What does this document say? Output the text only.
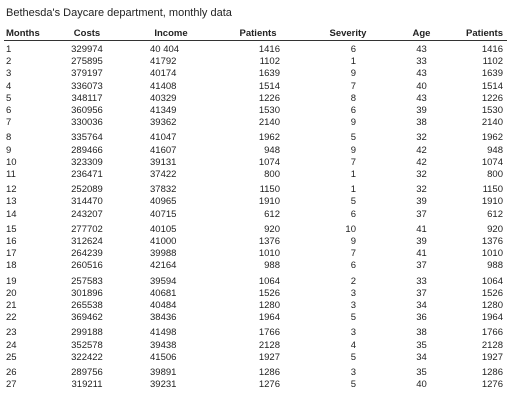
Bethesda's Daycare department, monthly data
Months	Costs	Income	Patients	Severity	Age	Patients
1	329974	40 404	1416	6	43	1416
2	275895	41792	1102	1	33	1102
3	379197	40174	1639	9	43	1639
4	336073	41408	1514	7	40	1514
5	348117	40329	1226	8	43	1226
6	360956	41349	1530	6	39	1530
7	330036	39362	2140	9	38	2140
8	335764	41047	1962	5	32	1962
9	289466	41607	948	9	42	948
10	323309	39131	1074	7	42	1074
11	236471	37422	800	1	32	800
12	252089	37832	1150	1	32	1150
13	314470	40965	1910	5	39	1910
14	243207	40715	612	6	37	612
15	277702	40105	920	10	41	920
16	312624	41000	1376	9	39	1376
17	264239	39988	1010	7	41	1010
18	260516	42164	988	6	37	988
19	257583	39594	1064	2	33	1064
20	301896	40681	1526	3	37	1526
21	265538	40484	1280	3	34	1280
22	369462	38436	1964	5	36	1964
23	299188	41498	1766	3	38	1766
24	352578	39438	2128	4	35	2128
25	322422	41506	1927	5	34	1927
26	289756	39891	1286	3	35	1286
27	319211	39231	1276	5	40	1276
